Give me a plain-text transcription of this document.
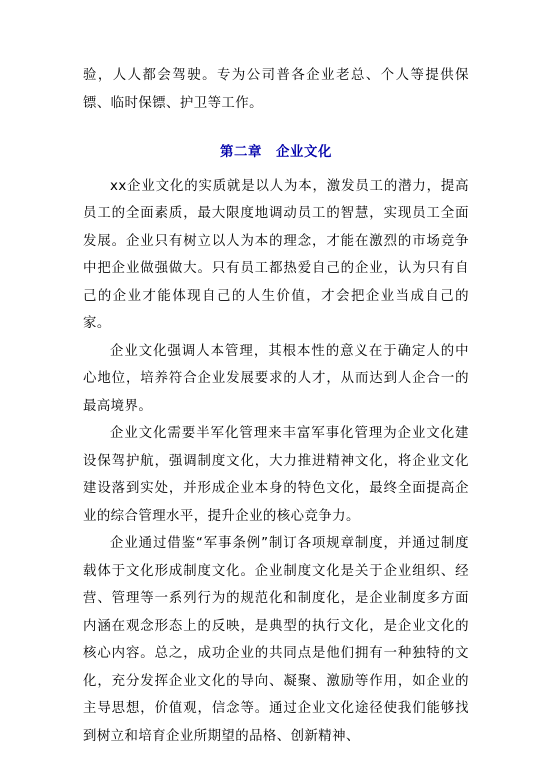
验，人人都会驾驶。专为公司普各企业老总、个人等提供保镖、临时保镖、护卫等工作。

第二章　企业文化

xx企业文化的实质就是以人为本，激发员工的潜力，提高员工的全面素质，最大限度地调动员工的智慧，实现员工全面发展。企业只有树立以人为本的理念，才能在激烈的市场竞争中把企业做强做大。只有员工都热爱自己的企业，认为只有自己的企业才能体现自己的人生价值，才会把企业当成自己的家。

企业文化强调人本管理，其根本性的意义在于确定人的中心地位，培养符合企业发展要求的人才，从而达到人企合一的最高境界。

企业文化需要半军化管理来丰富军事化管理为企业文化建设保驾护航，强调制度文化，大力推进精神文化，将企业文化建设落到实处，并形成企业本身的特色文化，最终全面提高企业的综合管理水平，提升企业的核心竞争力。

企业通过借鉴“军事条例”制订各项规章制度，并通过制度载体于文化形成制度文化。企业制度文化是关于企业组织、经营、管理等一系列行为的规范化和制度化，是企业制度多方面内涵在观念形态上的反映，是典型的执行文化，是企业文化的核心内容。总之，成功企业的共同点是他们拥有一种独特的文化，充分发挥企业文化的导向、凝聚、激励等作用，如企业的主导思想，价值观，信念等。通过企业文化途径使我们能够找到树立和培育企业所期望的品格、创新精神、
